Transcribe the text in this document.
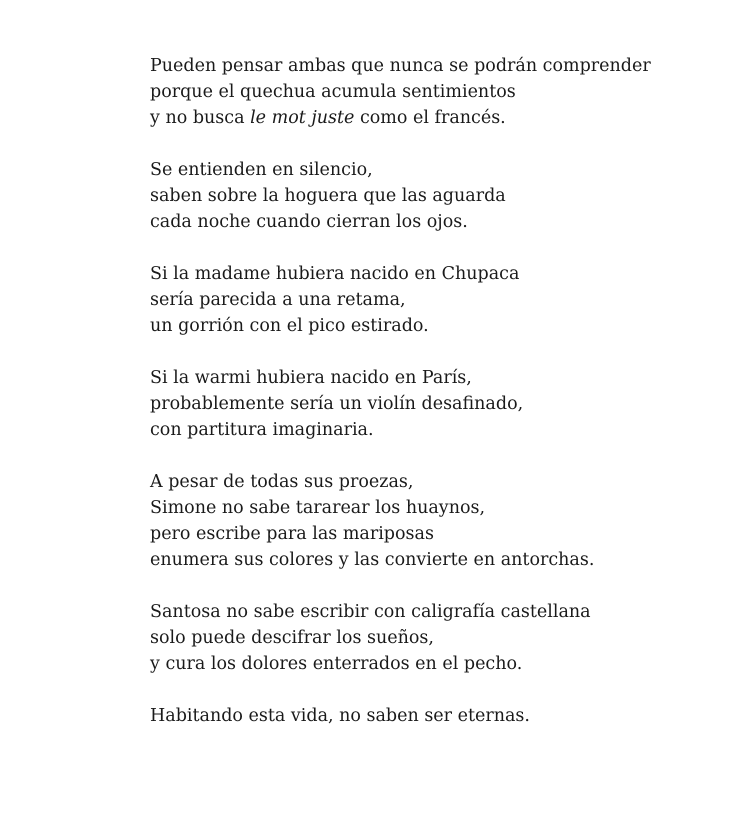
Pueden pensar ambas que nunca se podrán comprender
porque el quechua acumula sentimientos
y no busca le mot juste como el francés.
Se entienden en silencio,
saben sobre la hoguera que las aguarda
cada noche cuando cierran los ojos.
Si la madame hubiera nacido en Chupaca
sería parecida a una retama,
un gorrión con el pico estirado.
Si la warmi hubiera nacido en París,
probablemente sería un violín desafinado,
con partitura imaginaria.
A pesar de todas sus proezas,
Simone no sabe tararear los huaynos,
pero escribe para las mariposas
enumera sus colores y las convierte en antorchas.
Santosa no sabe escribir con caligrafía castellana
solo puede descifrar los sueños,
y cura los dolores enterrados en el pecho.
Habitando esta vida, no saben ser eternas.
